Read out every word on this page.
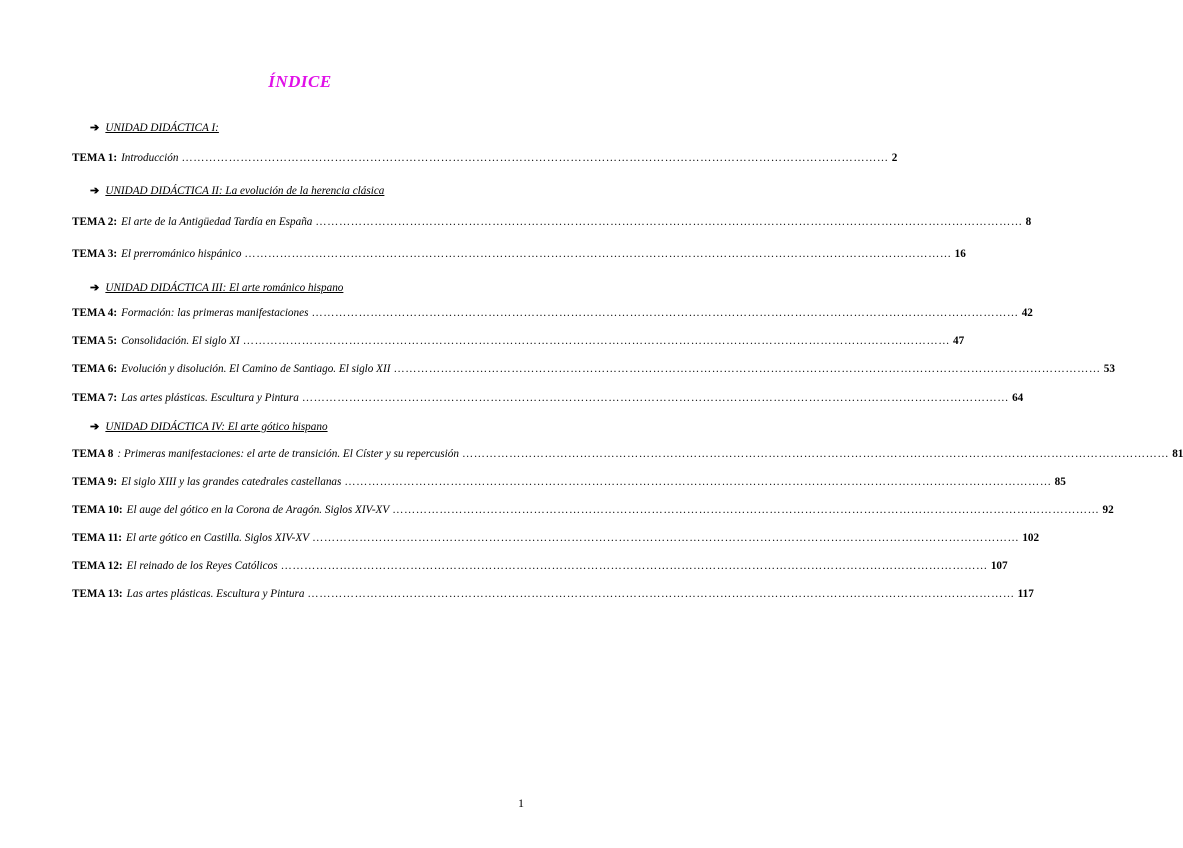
ÍNDICE
➔ UNIDAD DIDÁCTICA I:
TEMA 1: Introducción ……………………………………………………………………………………………………………………………………………………………… 2
➔ UNIDAD DIDÁCTICA II: La evolución de la herencia clásica
TEMA 2: El arte de la Antigüedad Tardía en España ……………………………………………………………………………………………………………………………………………………………… 8
TEMA 3: El prerrománico hispánico ……………………………………………………………………………………………………………………………………………………………… 16
➔ UNIDAD DIDÁCTICA III: El arte románico hispano
TEMA 4: Formación: las primeras manifestaciones ……………………………………………………………………………………………………………………………………………………………… 42
TEMA 5: Consolidación. El siglo XI ……………………………………………………………………………………………………………………………………………………………… 47
TEMA 6: Evolución y disolución. El Camino de Santiago. El siglo XII ……………………………………………………………………………………………………………………………………………………………… 53
TEMA 7: Las artes plásticas. Escultura y Pintura ……………………………………………………………………………………………………………………………………………………………… 64
➔ UNIDAD DIDÁCTICA IV: El arte gótico hispano
TEMA 8 : Primeras manifestaciones: el arte de transición. El Císter y su repercusión ……………………………………………………………………………………………………………………………………………………………… 81
TEMA 9: El siglo XIII y las grandes catedrales castellanas ……………………………………………………………………………………………………………………………………………………………… 85
TEMA 10: El auge del gótico en la Corona de Aragón. Siglos XIV-XV ……………………………………………………………………………………………………………………………………………………………… 92
TEMA 11: El arte gótico en Castilla. Siglos XIV-XV ……………………………………………………………………………………………………………………………………………………………… 102
TEMA 12: El reinado de los Reyes Católicos ……………………………………………………………………………………………………………………………………………………………… 107
TEMA 13: Las artes plásticas. Escultura y Pintura ……………………………………………………………………………………………………………………………………………………………… 117
1
